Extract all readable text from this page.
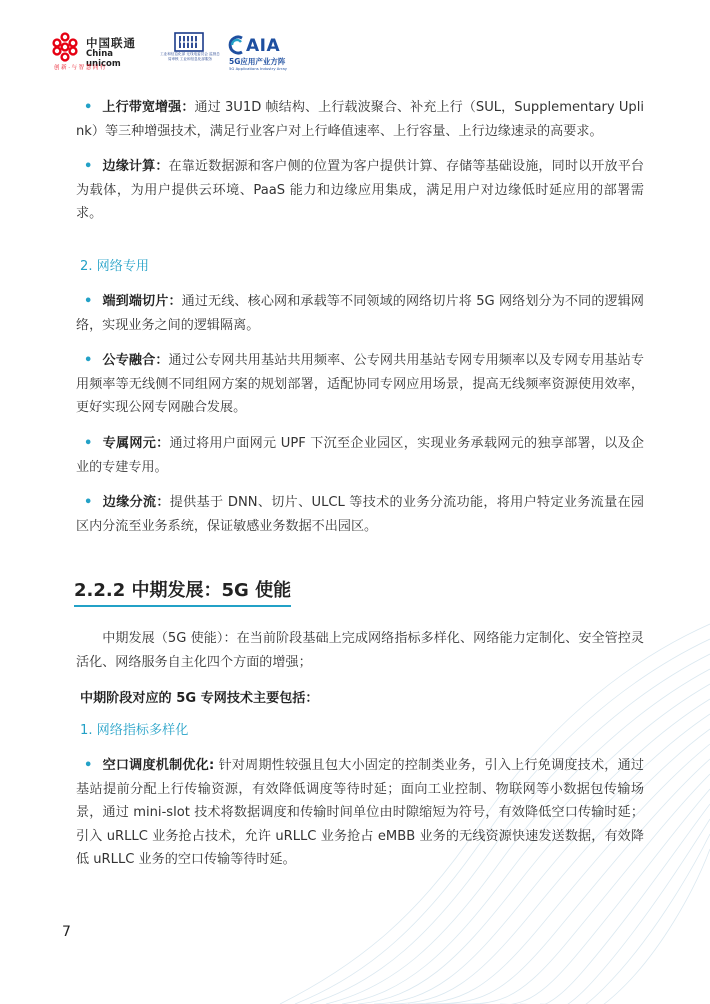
中国联通
China unicom
创新·与智慧同行
工业和信息化部 无线电委员会 监督总局审核 工业和信息化部服务
AIA
5G应用产业方阵
5G Applications Industry Array

• 上行带宽增强：通过 3U1D 帧结构、上行载波聚合、补充上行（SUL，Supplementary Uplink）等三种增强技术，满足行业客户对上行峰值速率、上行容量、上行边缘速录的高要求。

• 边缘计算：在靠近数据源和客户侧的位置为客户提供计算、存储等基础设施，同时以开放平台为载体，为用户提供云环境、PaaS 能力和边缘应用集成，满足用户对边缘低时延应用的部署需求。

2. 网络专用

• 端到端切片：通过无线、核心网和承载等不同领域的网络切片将 5G 网络划分为不同的逻辑网络，实现业务之间的逻辑隔离。

• 公专融合：通过公专网共用基站共用频率、公专网共用基站专网专用频率以及专网专用基站专用频率等无线侧不同组网方案的规划部署，适配协同专网应用场景，提高无线频率资源使用效率，更好实现公网专网融合发展。

• 专属网元：通过将用户面网元 UPF 下沉至企业园区，实现业务承载网元的独享部署，以及企业的专建专用。

• 边缘分流：提供基于 DNN、切片、ULCL 等技术的业务分流功能，将用户特定业务流量在园区内分流至业务系统，保证敏感业务数据不出园区。

2.2.2 中期发展：5G 使能

中期发展（5G 使能）：在当前阶段基础上完成网络指标多样化、网络能力定制化、安全管控灵活化、网络服务自主化四个方面的增强；

中期阶段对应的 5G 专网技术主要包括：
1. 网络指标多样化

• 空口调度机制优化: 针对周期性较强且包大小固定的控制类业务，引入上行免调度技术，通过基站提前分配上行传输资源，有效降低调度等待时延；面向工业控制、物联网等小数据包传输场景，通过 mini-slot 技术将数据调度和传输时间单位由时隙缩短为符号，有效降低空口传输时延；引入 uRLLC 业务抢占技术，允许 uRLLC 业务抢占 eMBB 业务的无线资源快速发送数据，有效降低 uRLLC 业务的空口传输等待时延。

7
